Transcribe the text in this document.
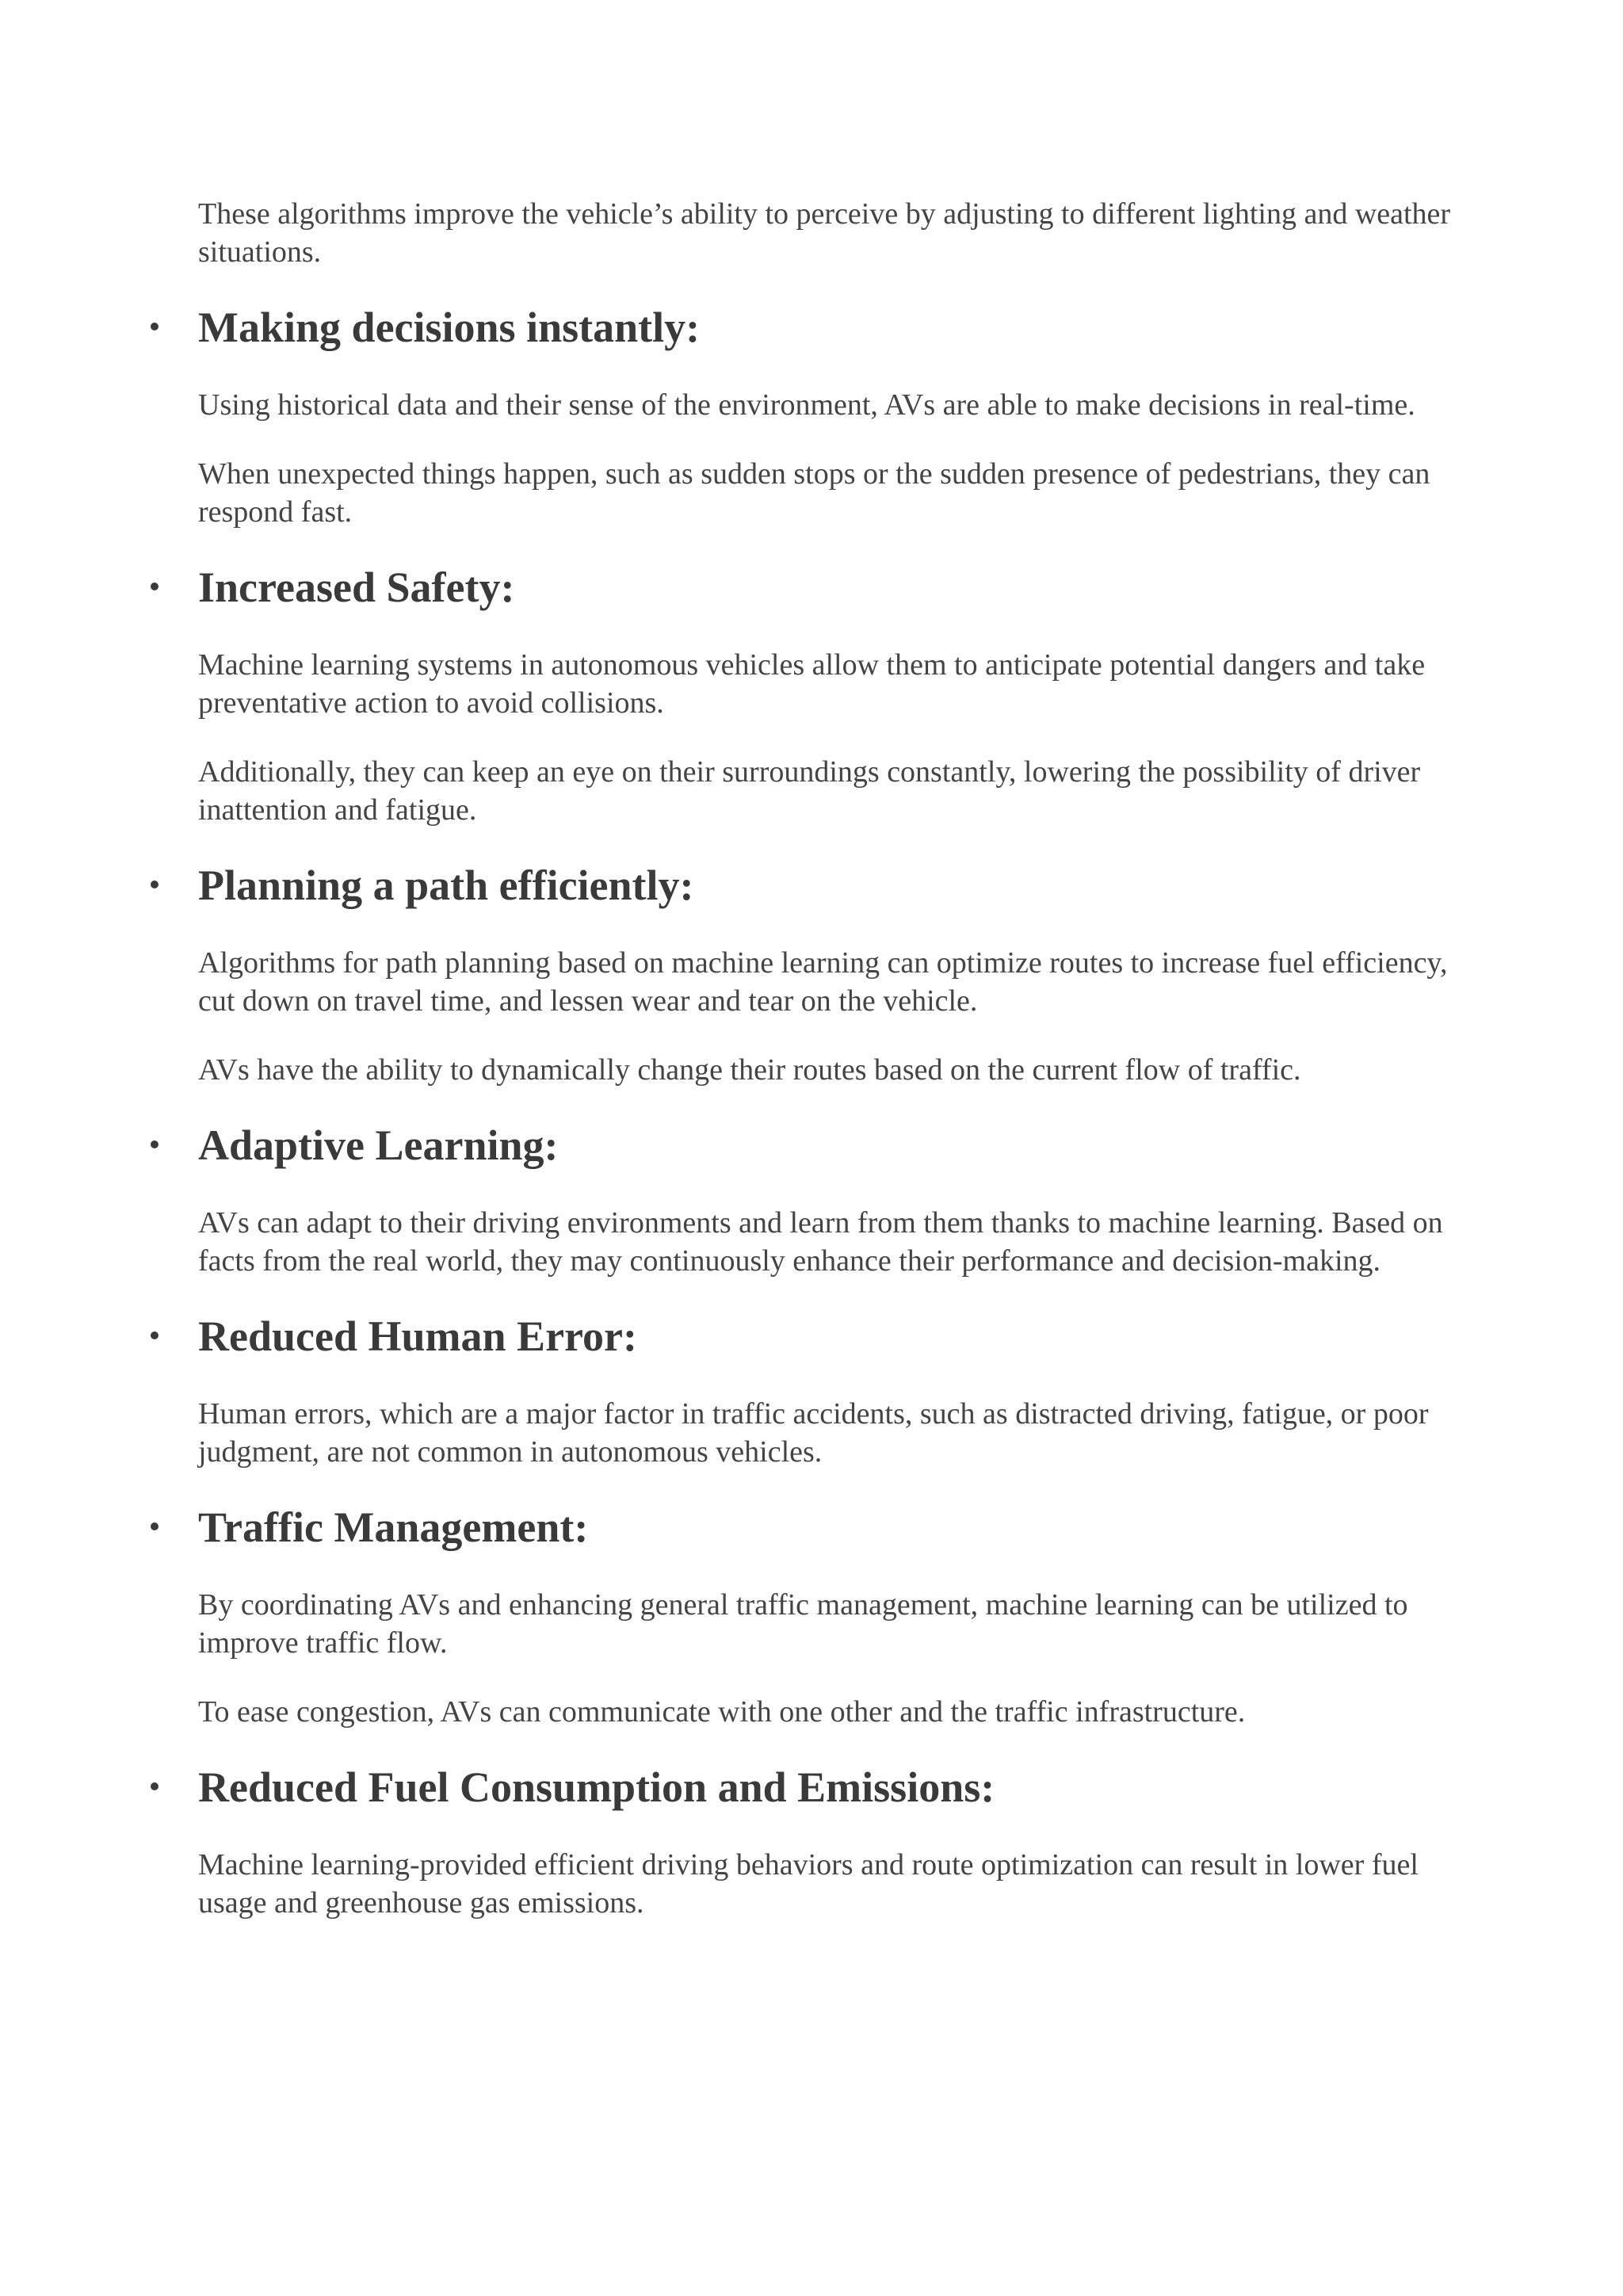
These algorithms improve the vehicle’s ability to perceive by adjusting to different lighting and weather situations.

Making decisions instantly:

Using historical data and their sense of the environment, AVs are able to make decisions in real-time.

When unexpected things happen, such as sudden stops or the sudden presence of pedestrians, they can respond fast.

Increased Safety:

Machine learning systems in autonomous vehicles allow them to anticipate potential dangers and take preventative action to avoid collisions.

Additionally, they can keep an eye on their surroundings constantly, lowering the possibility of driver inattention and fatigue.

Planning a path efficiently:

Algorithms for path planning based on machine learning can optimize routes to increase fuel efficiency, cut down on travel time, and lessen wear and tear on the vehicle.

AVs have the ability to dynamically change their routes based on the current flow of traffic.

Adaptive Learning:

AVs can adapt to their driving environments and learn from them thanks to machine learning. Based on facts from the real world, they may continuously enhance their performance and decision-making.

Reduced Human Error:

Human errors, which are a major factor in traffic accidents, such as distracted driving, fatigue, or poor judgment, are not common in autonomous vehicles.

Traffic Management:

By coordinating AVs and enhancing general traffic management, machine learning can be utilized to improve traffic flow.

To ease congestion, AVs can communicate with one other and the traffic infrastructure.

Reduced Fuel Consumption and Emissions:

Machine learning-provided efficient driving behaviors and route optimization can result in lower fuel usage and greenhouse gas emissions.
